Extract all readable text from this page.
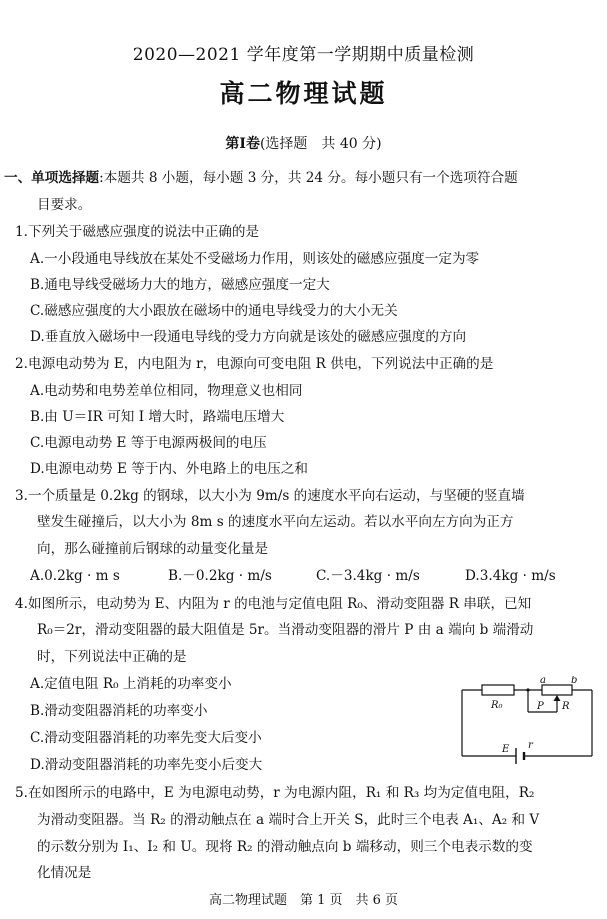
2020—2021 学年度第一学期期中质量检测
高二物理试题
第Ⅰ卷(选择题　共 40 分)
一、单项选择题:本题共 8 小题，每小题 3 分，共 24 分。每小题只有一个选项符合题
目要求。
1.下列关于磁感应强度的说法中正确的是
A.一小段通电导线放在某处不受磁场力作用，则该处的磁感应强度一定为零
B.通电导线受磁场力大的地方，磁感应强度一定大
C.磁感应强度的大小跟放在磁场中的通电导线受力的大小无关
D.垂直放入磁场中一段通电导线的受力方向就是该处的磁感应强度的方向
2.电源电动势为 E，内电阻为 r，电源向可变电阻 R 供电，下列说法中正确的是
A.电动势和电势差单位相同，物理意义也相同
B.由 U＝IR 可知 I 增大时，路端电压增大
C.电源电动势 E 等于电源两极间的电压
D.电源电动势 E 等于内、外电路上的电压之和
3.一个质量是 0.2kg 的钢球，以大小为 9m/s 的速度水平向右运动，与坚硬的竖直墙
壁发生碰撞后，以大小为 8m s 的速度水平向左运动。若以水平向左方向为正方
向，那么碰撞前后钢球的动量变化量是
A.0.2kg · m s	B.－0.2kg · m/s	C.－3.4kg · m/s	D.3.4kg · m/s
4.如图所示，电动势为 E、内阻为 r 的电池与定值电阻 R₀、滑动变阻器 R 串联，已知
R₀＝2r，滑动变阻器的最大阻值是 5r。当滑动变阻器的滑片 P 由 a 端向 b 端滑动
时，下列说法中正确的是
A.定值电阻 R₀ 上消耗的功率变小
B.滑动变阻器消耗的功率变小
C.滑动变阻器消耗的功率先变大后变小
D.滑动变阻器消耗的功率先变小后变大
R₀
a	b
P R
E r
5.在如图所示的电路中，E 为电源电动势，r 为电源内阻，R₁ 和 R₃ 均为定值电阻，R₂
为滑动变阻器。当 R₂ 的滑动触点在 a 端时合上开关 S，此时三个电表 A₁、A₂ 和 V
的示数分别为 I₁、I₂ 和 U。现将 R₂ 的滑动触点向 b 端移动，则三个电表示数的变
化情况是
高二物理试题　第 1 页　共 6 页
